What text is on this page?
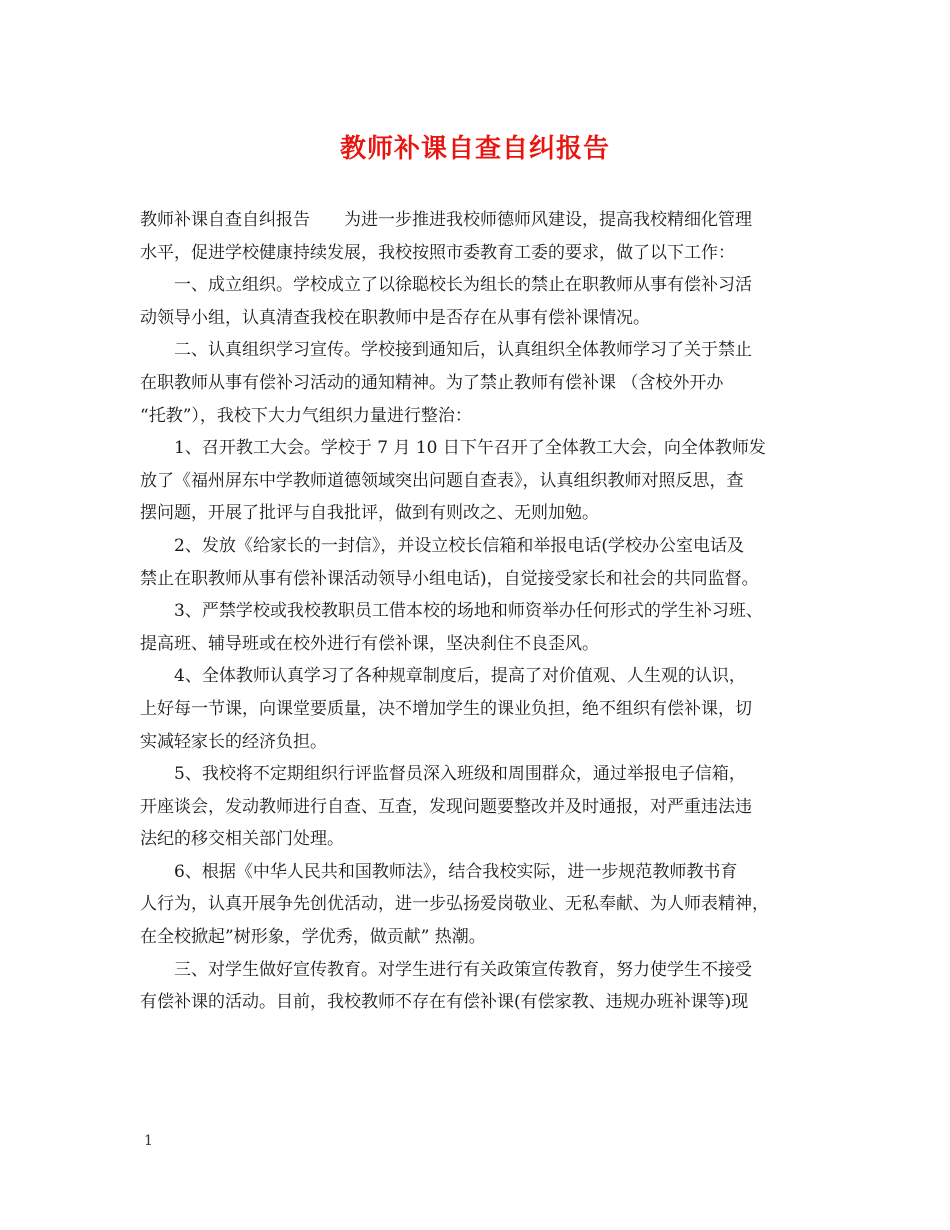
教师补课自查自纠报告
教师补课自查自纠报告　　为进一步推进我校师德师风建设，提高我校精细化管理
水平，促进学校健康持续发展，我校按照市委教育工委的要求，做了以下工作：
一、成立组织。学校成立了以徐聪校长为组长的禁止在职教师从事有偿补习活
动领导小组，认真清查我校在职教师中是否存在从事有偿补课情况。
二、认真组织学习宣传。学校接到通知后，认真组织全体教师学习了关于禁止
在职教师从事有偿补习活动的通知精神。为了禁止教师有偿补课 （含校外开办
“托教”），我校下大力气组织力量进行整治：
1、召开教工大会。学校于 7 月 10 日下午召开了全体教工大会，向全体教师发
放了《福州屏东中学教师道德领域突出问题自查表》，认真组织教师对照反思，查
摆问题，开展了批评与自我批评，做到有则改之、无则加勉。
2、发放《给家长的一封信》，并设立校长信箱和举报电话(学校办公室电话及
禁止在职教师从事有偿补课活动领导小组电话)，自觉接受家长和社会的共同监督。
3、严禁学校或我校教职员工借本校的场地和师资举办任何形式的学生补习班、
提高班、辅导班或在校外进行有偿补课，坚决刹住不良歪风。
4、全体教师认真学习了各种规章制度后，提高了对价值观、人生观的认识，
上好每一节课，向课堂要质量，决不增加学生的课业负担，绝不组织有偿补课，切
实减轻家长的经济负担。
5、我校将不定期组织行评监督员深入班级和周围群众，通过举报电子信箱，
开座谈会，发动教师进行自查、互查，发现问题要整改并及时通报，对严重违法违
法纪的移交相关部门处理。
6、根据《中华人民共和国教师法》，结合我校实际，进一步规范教师教书育
人行为，认真开展争先创优活动，进一步弘扬爱岗敬业、无私奉献、为人师表精神，
在全校掀起”树形象，学优秀，做贡献” 热潮。
三、对学生做好宣传教育。对学生进行有关政策宣传教育，努力使学生不接受
有偿补课的活动。目前，我校教师不存在有偿补课(有偿家教、违规办班补课等)现
1
